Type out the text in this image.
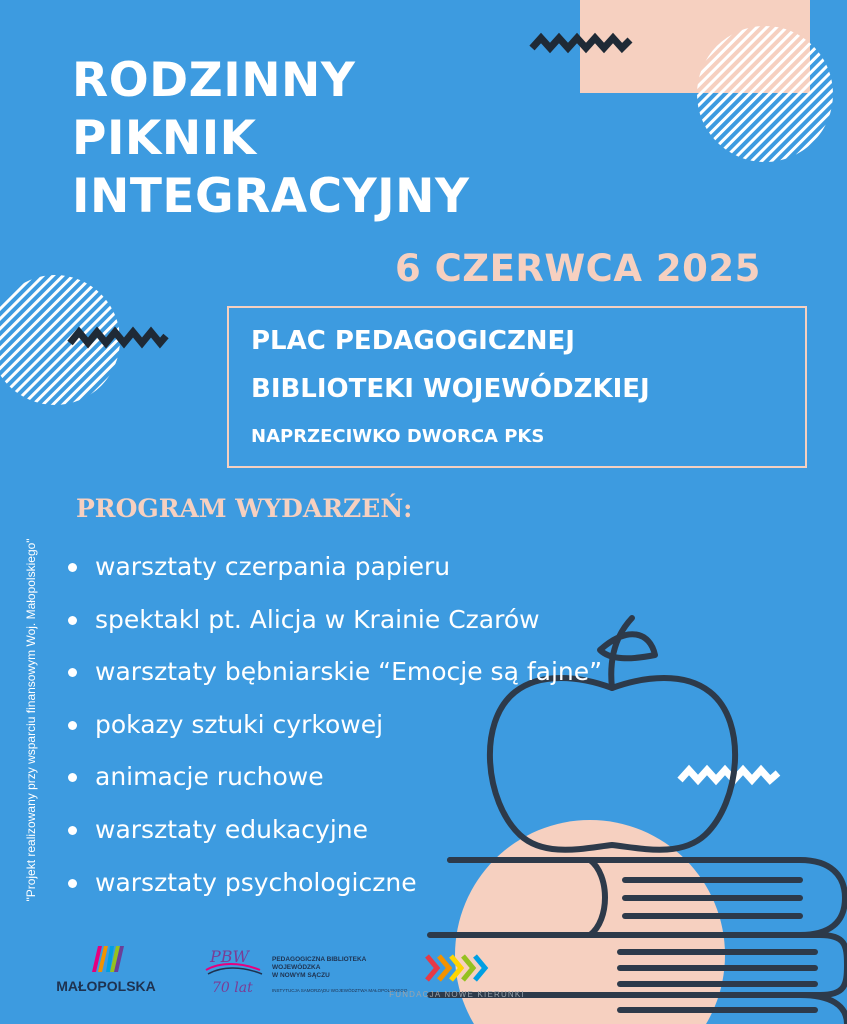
RODZINNY
PIKNIK
INTEGRACYJNY
6 CZERWCA 2025
PLAC PEDAGOGICZNEJ
BIBLIOTEKI WOJEWÓDZKIEJ
NAPRZECIWKO DWORCA PKS
PROGRAM WYDARZEŃ:
warsztaty czerpania papieru
spektakl pt. Alicja w Krainie Czarów
warsztaty bębniarskie “Emocje są fajne”
pokazy sztuki cyrkowej
animacje ruchowe
warsztaty edukacyjne
warsztaty psychologiczne
"Projekt realizowany przy wsparciu finansowym Woj. Małopolskiego"
MAŁOPOLSKA
PBW	PEDAGOGICZNA BIBLIOTEKA
WOJEWÓDZKA
W NOWYM SĄCZU
70 lat	INSTYTUCJA SAMORZĄDU WOJEWÓDZTWA MAŁOPOLSKIEGO
FUNDACJA NOWE KIERUNKI
